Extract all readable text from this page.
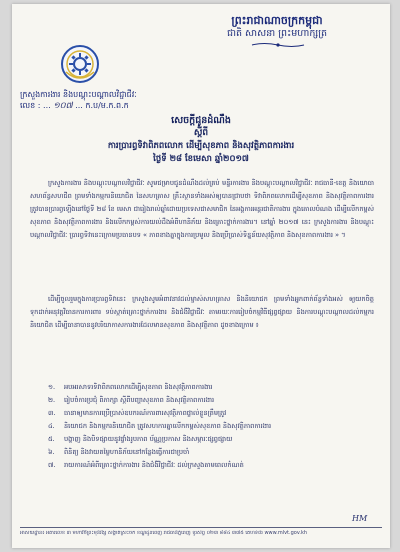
ព្រះរាជាណាចក្រកម្ពុជា
ជាតិ សាសនា ព្រះមហាក្សត្រ
ក្រសួងការងារ និងបណ្តុះបណ្តាលវិជ្ជាជីវៈ
លេខ : ... ១០៧ ... ក.ប/ម.ក.ព.ក
សេចក្តីជូនដំណឹង
ស្តីពី
ការប្រារព្ធទិវាពិភពលោក ដើម្បីសុខភាព និងសុវត្ថិភាពការងារ
ថ្ងៃទី ២៨ ខែមេសា ឆ្នាំ២០១៧

ក្រសួងការងារ និងបណ្តុះបណ្តាលវិជ្ជាជីវៈ សូមជម្រាបជូនដំណឹងដល់គ្រប់ មន្ទីរការងារ និងបណ្តុះបណ្តាលវិជ្ជាជីវៈ រាជធានី-ខេត្ត និងយោធា សហព័ន្ធសហជីព ព្រមទាំងកម្មករនិយោជិត នៃសហគ្រាស គ្រឹះស្ថានទាំងអស់ឲ្យបានជ្រាបថា ទិវាពិភពលោកដើម្បីសុខភាព និងសុវត្ថិភាពការងារ ត្រូវបានប្រារព្ធឡើងនៅថ្ងៃទី ២៨ ខែ មេសា ជារៀងរាល់ឆ្នាំដោយប្រទេសជាសមាជិក នៃអង្គការអន្តរជាតិការងារ ក្នុងគោលបំណង ដើម្បីលើកកម្ពស់សុខភាព និងសុវត្ថិភាពការងារ និងលើកកម្ពស់ការយល់ដឹងអំពីហានិភ័យ និងគ្រោះថ្នាក់ការងារ។ នៅឆ្នាំ ២០១៧ នេះ ក្រសួងការងារ និងបណ្តុះបណ្តាលវិជ្ជាជីវៈ ប្រារព្ធទិវានេះក្រោមប្រធានបទ « ភាពខាងគ្នាក្នុងការប្រមូល និងប្រើប្រាស់ទិន្នន័យសុវត្ថិភាព និងសុខភាពការងារ » ។

ដើម្បីចូលរួមក្នុងការប្រារព្ធទិវានេះ ក្រសួងសូមអំពាវនាវដល់ម្ចាស់សហគ្រាស និងនិយោជក ព្រមទាំងអ្នកពាក់ព័ន្ធទាំងអស់ ឲ្យយកចិត្តទុកដាក់អនុវត្តវិធានការការពារ ទប់ស្កាត់គ្រោះថ្នាក់ការងារ និងជំងឺវិជ្ជាជីវៈ តាមរយៈការរៀបចំកម្មវិធីផ្សព្វផ្សាយ និងការបណ្តុះបណ្តាលដល់កម្មករនិយោជិត ដើម្បីធានាបាននូវបរិយាកាសការងារដែលមានសុខភាព និងសុវត្ថិភាព ដូចខាងក្រោម ៖

១.	អបអរសាទរទិវាពិភពលោកដើម្បីសុខភាព និងសុវត្ថិភាពការងារ
២.	រៀបចំការប្រជុំ ពិភាក្សា ស្តីពីបញ្ហាសុខភាព និងសុវត្ថិភាពការងារ
៣.	ធានាឲ្យមានការប្រើប្រាស់ឧបករណ៍ការពារសុវត្ថិភាពផ្ទាល់ខ្លួនត្រឹមត្រូវ
៤.	និយោជក និងកម្មករនិយោជិត ត្រូវសហការគ្នាលើកកម្ពស់សុខភាព និងសុវត្ថិភាពការងារ
៥.	បង្ហាញ និងបិទផ្សាយនូវផ្ទាំងរូបភាព ប័ណ្ណប្រកាស និងសម្ភារៈផ្សព្វផ្សាយ
៦.	ពិនិត្យ និងវាយតម្លៃហានិភ័យនៅកន្លែងធ្វើការជាប្រចាំ
៧.	រាយការណ៍អំពីគ្រោះថ្នាក់ការងារ និងជំងឺវិជ្ជាជីវៈ ដល់ក្រសួងតាមពេលកំណត់
HM
អាសយដ្ឋាន៖ អគារលេខ ៣ មហាវិថីព្រះមុនីវង្ស សង្កាត់ស្រះចក ខណ្ឌដូនពេញ រាជធានីភ្នំពេញ ទូរស័ព្ទ ០២៣ ៨៨៤ ៣៧៥ គេហទំព័រ www.mlvt.gov.kh
